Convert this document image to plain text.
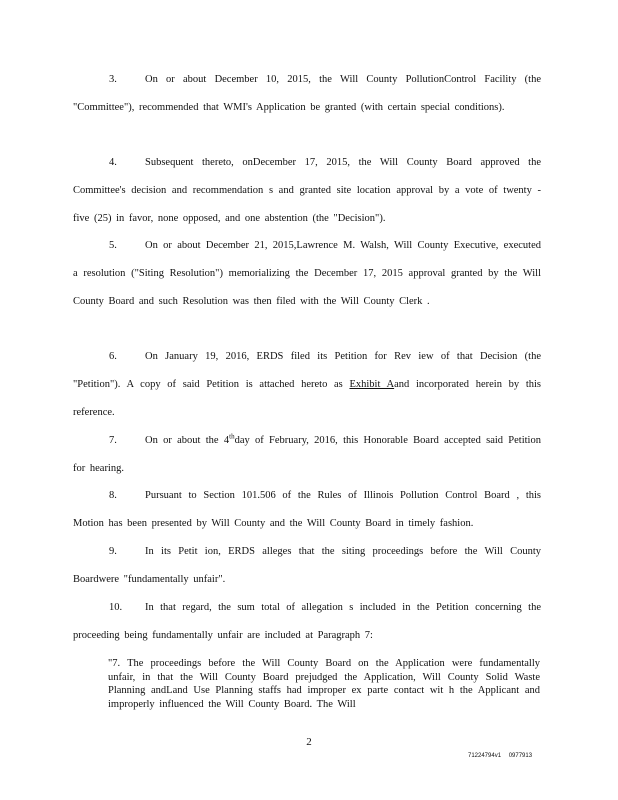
3.	On or about December 10, 2015, the Will County PollutionControl Facility (the "Committee"), recommended that WMI's Application be granted (with certain special conditions).
4.	Subsequent thereto, onDecember 17, 2015, the Will County Board approved the Committee's decision and recommendation s and granted site location approval by a vote of twenty -five (25) in favor, none opposed, and one abstention (the "Decision").
5.	On or about December 21, 2015,Lawrence M. Walsh, Will County Executive, executed a resolution ("Siting Resolution") memorializing the December 17, 2015 approval granted by the Will County Board and such Resolution was then filed with the Will County Clerk .
6.	On January 19, 2016, ERDS filed its Petition for Rev iew of that Decision (the "Petition"). A copy of said Petition is attached hereto as Exhibit Aand incorporated herein by this reference.
7.	On or about the 4thday of February, 2016, this Honorable Board accepted said Petition for hearing.
8.	Pursuant to Section 101.506 of the Rules of Illinois Pollution Control Board , this Motion has been presented by Will County and the Will County Board in timely fashion.
9.	In its Petit ion, ERDS alleges that the siting proceedings before the Will County Boardwere "fundamentally unfair".
10. In that regard, the sum total of allegation s included in the Petition concerning the proceeding being fundamentally unfair are included at Paragraph 7:
"7. The proceedings before the Will County Board on the Application were fundamentally unfair, in that the Will County Board prejudged the Application, Will County Solid Waste Planning andLand Use Planning staffs had improper ex parte contact wit h the Applicant and improperly influenced the Will County Board. The Will
2
71224794v1 0977913
